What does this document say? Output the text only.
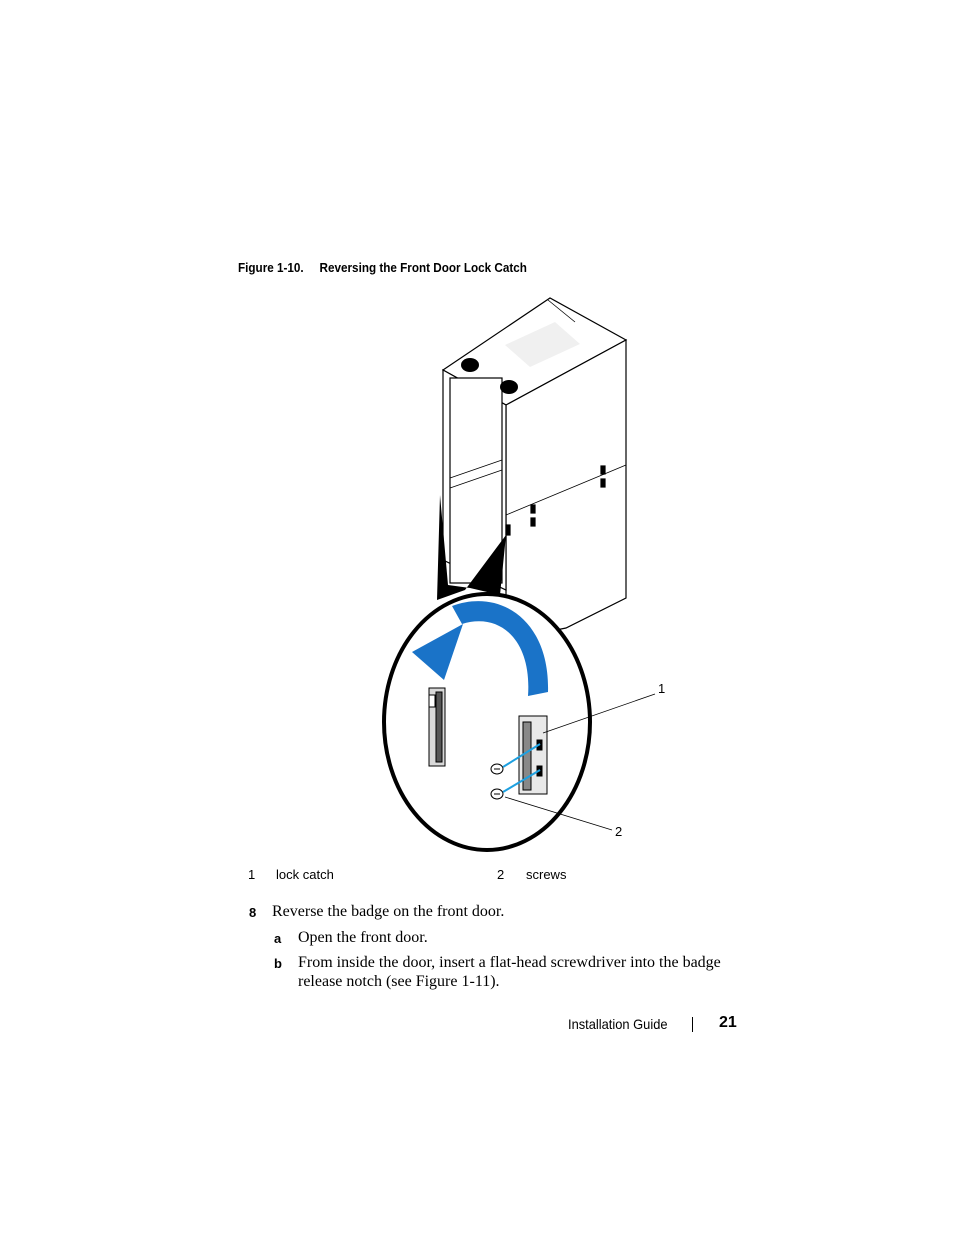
Figure 1-10. Reversing the Front Door Lock Catch
1
2
1 lock catch	2 screws
8 Reverse the badge on the front door.
a Open the front door.
b From inside the door, insert a flat-head screwdriver into the badge
release notch (see Figure 1-11).
Installation Guide	21
